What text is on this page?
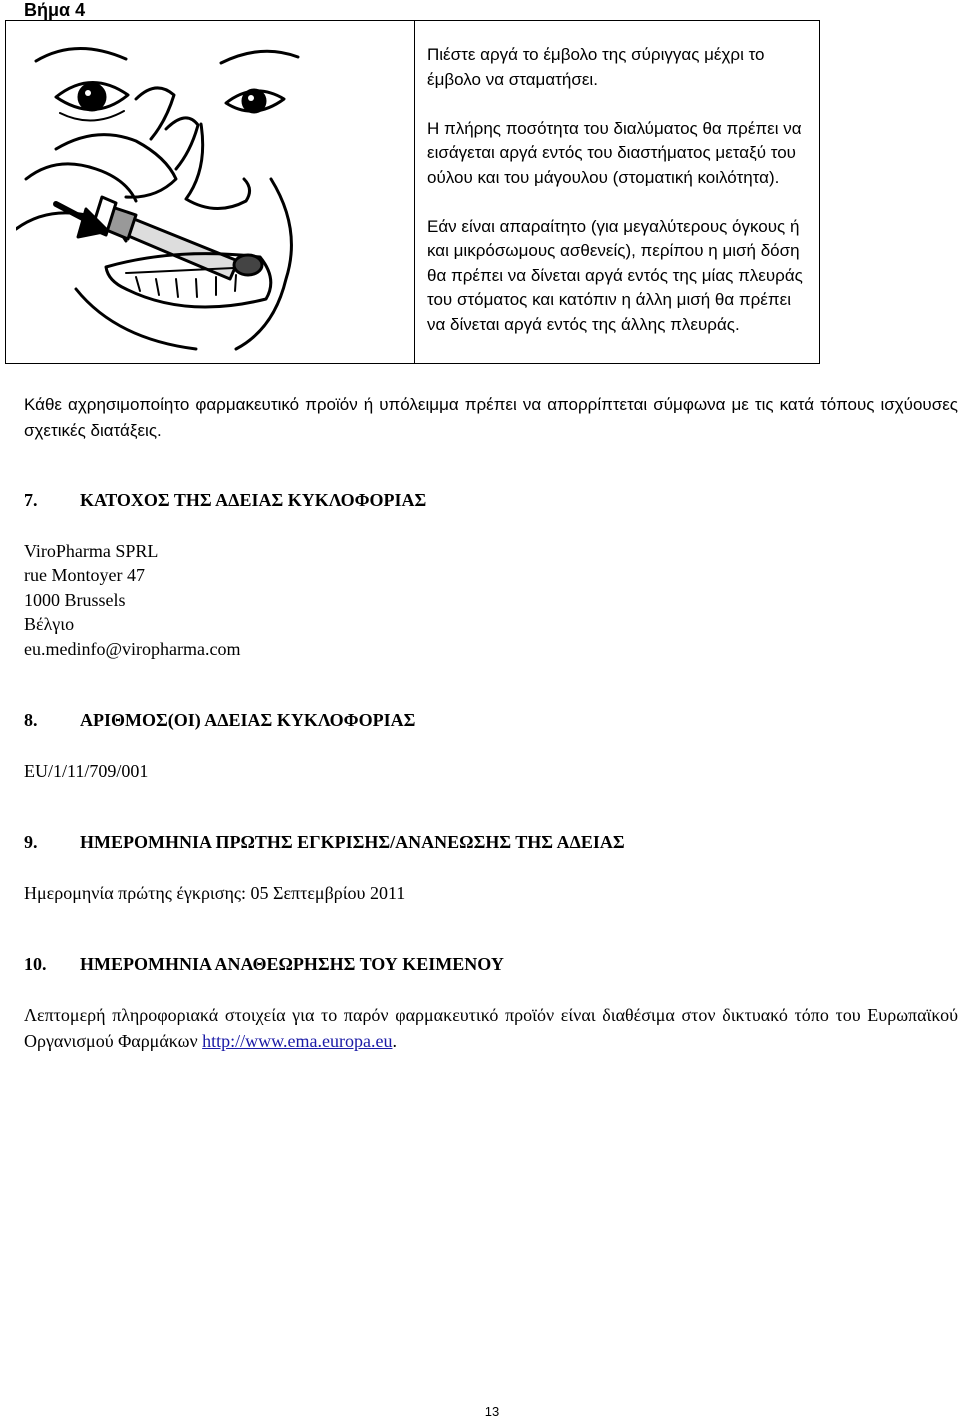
Βήμα 4

Πιέστε αργά το έμβολο της σύριγγας μέχρι το έμβολο να σταματήσει.

Η πλήρης ποσότητα του διαλύματος θα πρέπει να εισάγεται αργά εντός του διαστήματος μεταξύ του ούλου και του μάγουλου (στοματική κοιλότητα).

Εάν είναι απαραίτητο (για μεγαλύτερους όγκους ή και μικρόσωμους ασθενείς), περίπου η μισή δόση θα πρέπει να δίνεται αργά εντός της μίας πλευράς του στόματος και κατόπιν η άλλη μισή θα πρέπει να δίνεται αργά εντός της άλλης πλευράς.

Κάθε αχρησιμοποίητο φαρμακευτικό προϊόν ή υπόλειμμα πρέπει να απορρίπτεται σύμφωνα με τις κατά τόπους ισχύουσες σχετικές διατάξεις.
7. ΚΑΤΟΧΟΣ ΤΗΣ ΑΔΕΙΑΣ ΚΥΚΛΟΦΟΡΙΑΣ
ViroPharma SPRL
rue Montoyer 47
1000 Brussels
Βέλγιο
eu.medinfo@viropharma.com
8. ΑΡΙΘΜΟΣ(ΟΙ) ΑΔΕΙΑΣ ΚΥΚΛΟΦΟΡΙΑΣ
EU/1/11/709/001
9. ΗΜΕΡΟΜΗΝΙΑ ΠΡΩΤΗΣ ΕΓΚΡΙΣΗΣ/ΑΝΑΝΕΩΣΗΣ ΤΗΣ ΑΔΕΙΑΣ
Ημερομηνία πρώτης έγκρισης: 05 Σεπτεμβρίου 2011
10. ΗΜΕΡΟΜΗΝΙΑ ΑΝΑΘΕΩΡΗΣΗΣ ΤΟΥ ΚΕΙΜΕΝΟΥ
Λεπτομερή πληροφοριακά στοιχεία για το παρόν φαρμακευτικό προϊόν είναι διαθέσιμα στον δικτυακό τόπο του Ευρωπαϊκού Οργανισμού Φαρμάκων http://www.ema.europa.eu.
13
